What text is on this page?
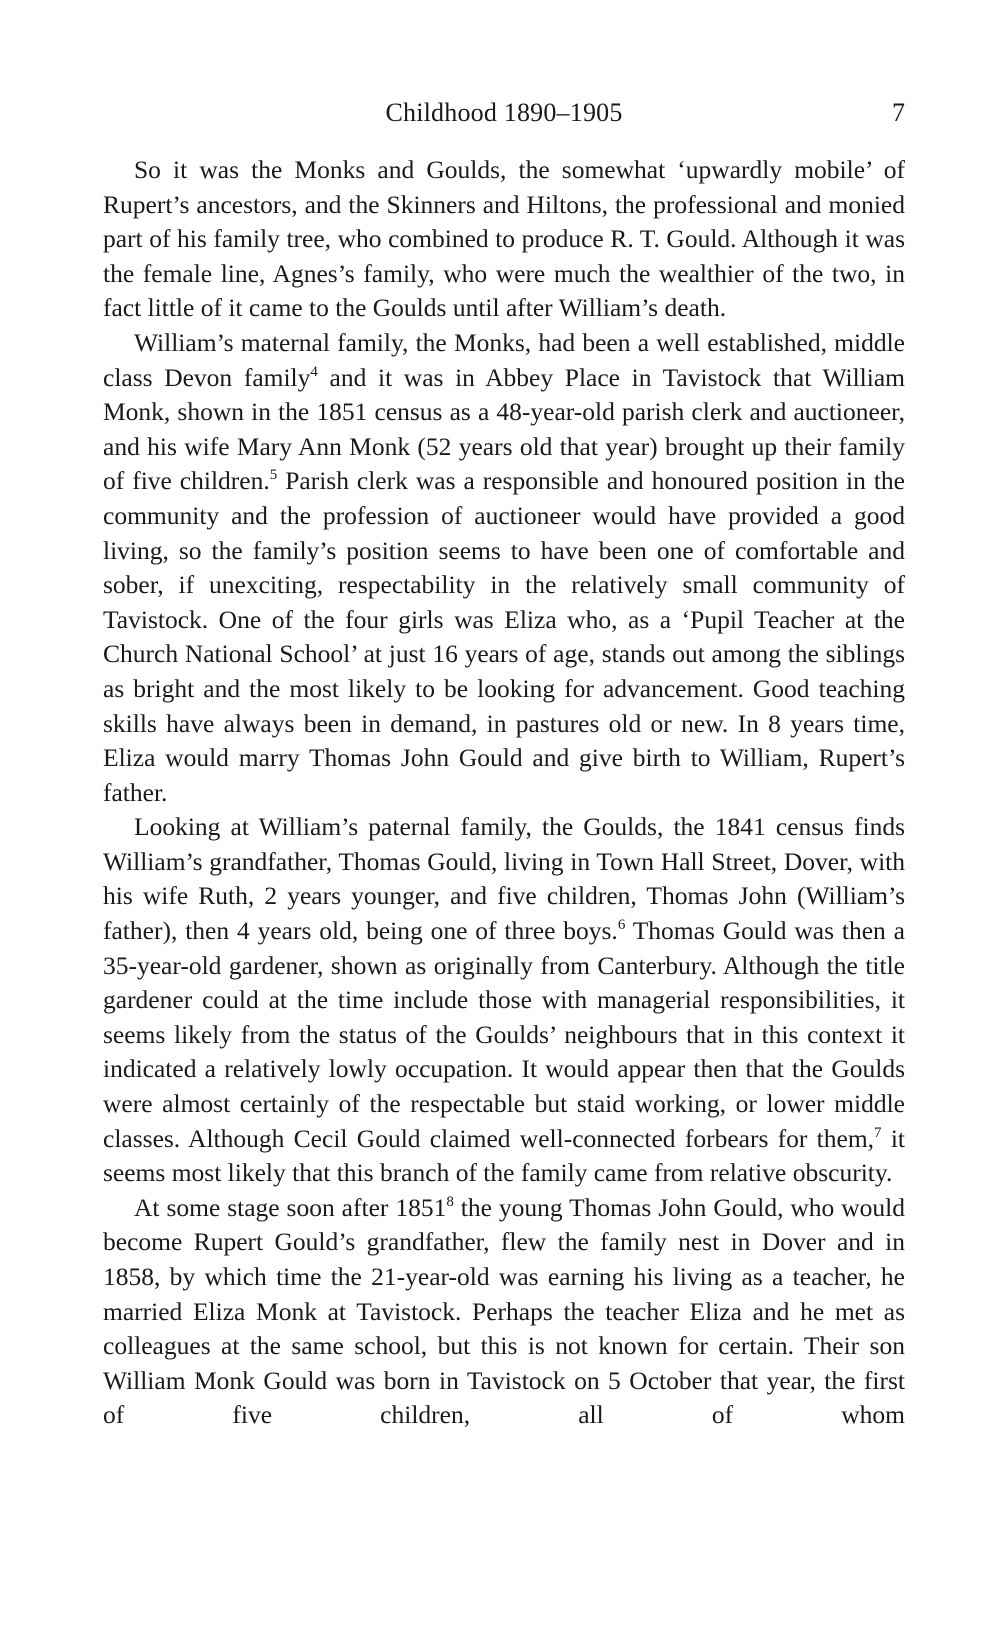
Childhood 1890–1905	7

So it was the Monks and Goulds, the somewhat ‘upwardly mobile’ of Rupert’s ancestors, and the Skinners and Hiltons, the professional and monied part of his family tree, who combined to produce R. T. Gould. Although it was the female line, Agnes’s family, who were much the wealthier of the two, in fact little of it came to the Goulds until after William’s death.

William’s maternal family, the Monks, had been a well established, middle class Devon family$^4$ and it was in Abbey Place in Tavistock that William Monk, shown in the 1851 census as a 48-year-old parish clerk and auctioneer, and his wife Mary Ann Monk (52 years old that year) brought up their family of five children.$^5$ Parish clerk was a responsible and honoured position in the community and the profession of auctioneer would have provided a good living, so the family’s position seems to have been one of comfortable and sober, if unexciting, respectability in the relatively small community of Tavistock. One of the four girls was Eliza who, as a ‘Pupil Teacher at the Church National School’ at just 16 years of age, stands out among the siblings as bright and the most likely to be looking for advancement. Good teaching skills have always been in demand, in pastures old or new. In 8 years time, Eliza would marry Thomas John Gould and give birth to William, Rupert’s father.

Looking at William’s paternal family, the Goulds, the 1841 census finds William’s grandfather, Thomas Gould, living in Town Hall Street, Dover, with his wife Ruth, 2 years younger, and five children, Thomas John (William’s father), then 4 years old, being one of three boys.$^6$ Thomas Gould was then a 35-year-old gardener, shown as originally from Canterbury. Although the title gardener could at the time include those with managerial responsibilities, it seems likely from the status of the Goulds’ neighbours that in this context it indicated a relatively lowly occupation. It would appear then that the Goulds were almost certainly of the respectable but staid working, or lower middle classes. Although Cecil Gould claimed well-connected forbears for them,$^7$ it seems most likely that this branch of the family came from relative obscurity.

At some stage soon after 1851$^8$ the young Thomas John Gould, who would become Rupert Gould’s grandfather, flew the family nest in Dover and in 1858, by which time the 21-year-old was earning his living as a teacher, he married Eliza Monk at Tavistock. Perhaps the teacher Eliza and he met as colleagues at the same school, but this is not known for certain. Their son William Monk Gould was born in Tavistock on 5 October that year, the first of five children, all of whom
